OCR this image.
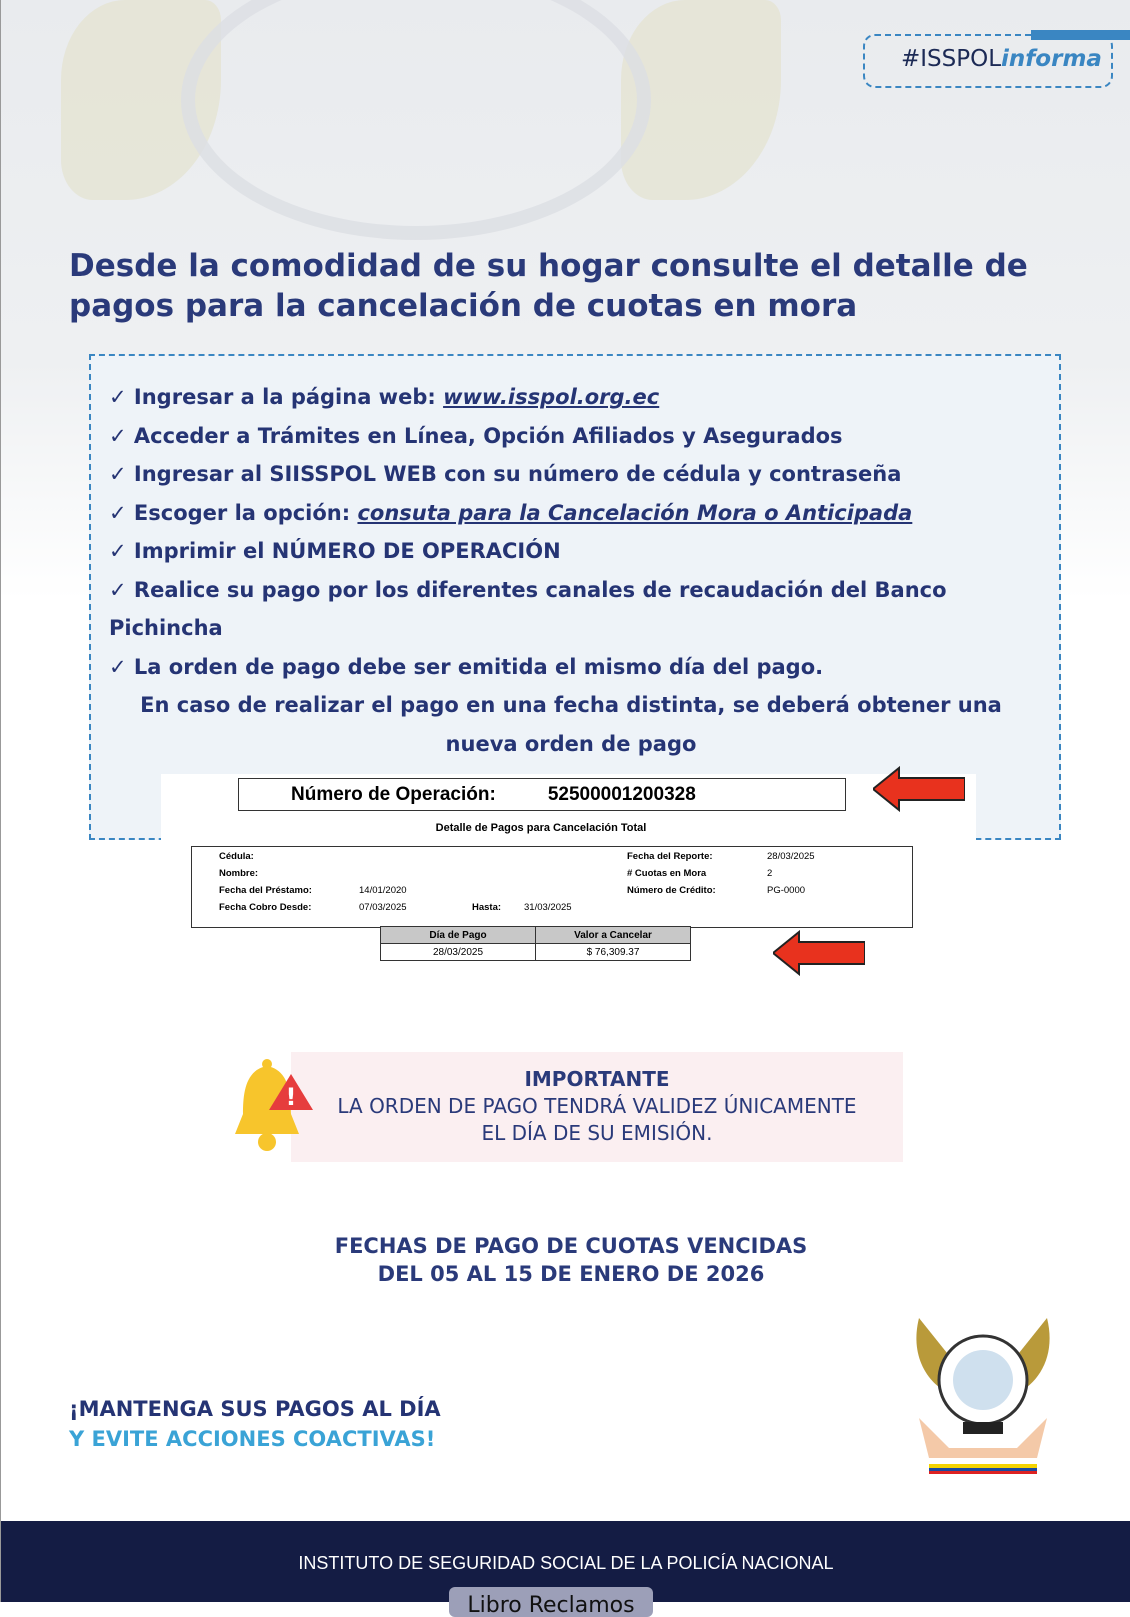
#ISSPOLinforma
Desde la comodidad de su hogar consulte el detalle de pagos para la cancelación de cuotas en mora
✓ Ingresar a la página web: www.isspol.org.ec
✓ Acceder a Trámites en Línea, Opción Afiliados y Asegurados
✓ Ingresar al SIISSPOL WEB con su número de cédula y contraseña
✓ Escoger la opción: consuta para la Cancelación Mora o Anticipada
✓ Imprimir el NÚMERO DE OPERACIÓN
✓ Realice su pago por los diferentes canales de recaudación del Banco Pichincha
✓ La orden de pago debe ser emitida el mismo día del pago.
En caso de realizar el pago en una fecha distinta, se deberá obtener una nueva orden de pago
Número de Operación:	52500001200328
Detalle de Pagos para Cancelación Total
Cédula:
Nombre:
Fecha del Préstamo:	14/01/2020
Fecha Cobro Desde:	07/03/2025	Hasta: 31/03/2025
Fecha del Reporte:	28/03/2025
# Cuotas en Mora	2
Número de Crédito:	PG-0000
Día de Pago	Valor a Cancelar
28/03/2025	$ 76,309.37
IMPORTANTE
LA ORDEN DE PAGO TENDRÁ VALIDEZ ÚNICAMENTE
EL DÍA DE SU EMISIÓN.
!
FECHAS DE PAGO DE CUOTAS VENCIDAS
DEL 05 AL 15 DE ENERO DE 2026
¡MANTENGA SUS PAGOS AL DÍA
Y EVITE ACCIONES COACTIVAS!
INSTITUTO DE SEGURIDAD SOCIAL DE LA POLICÍA NACIONAL
Libro Reclamos
